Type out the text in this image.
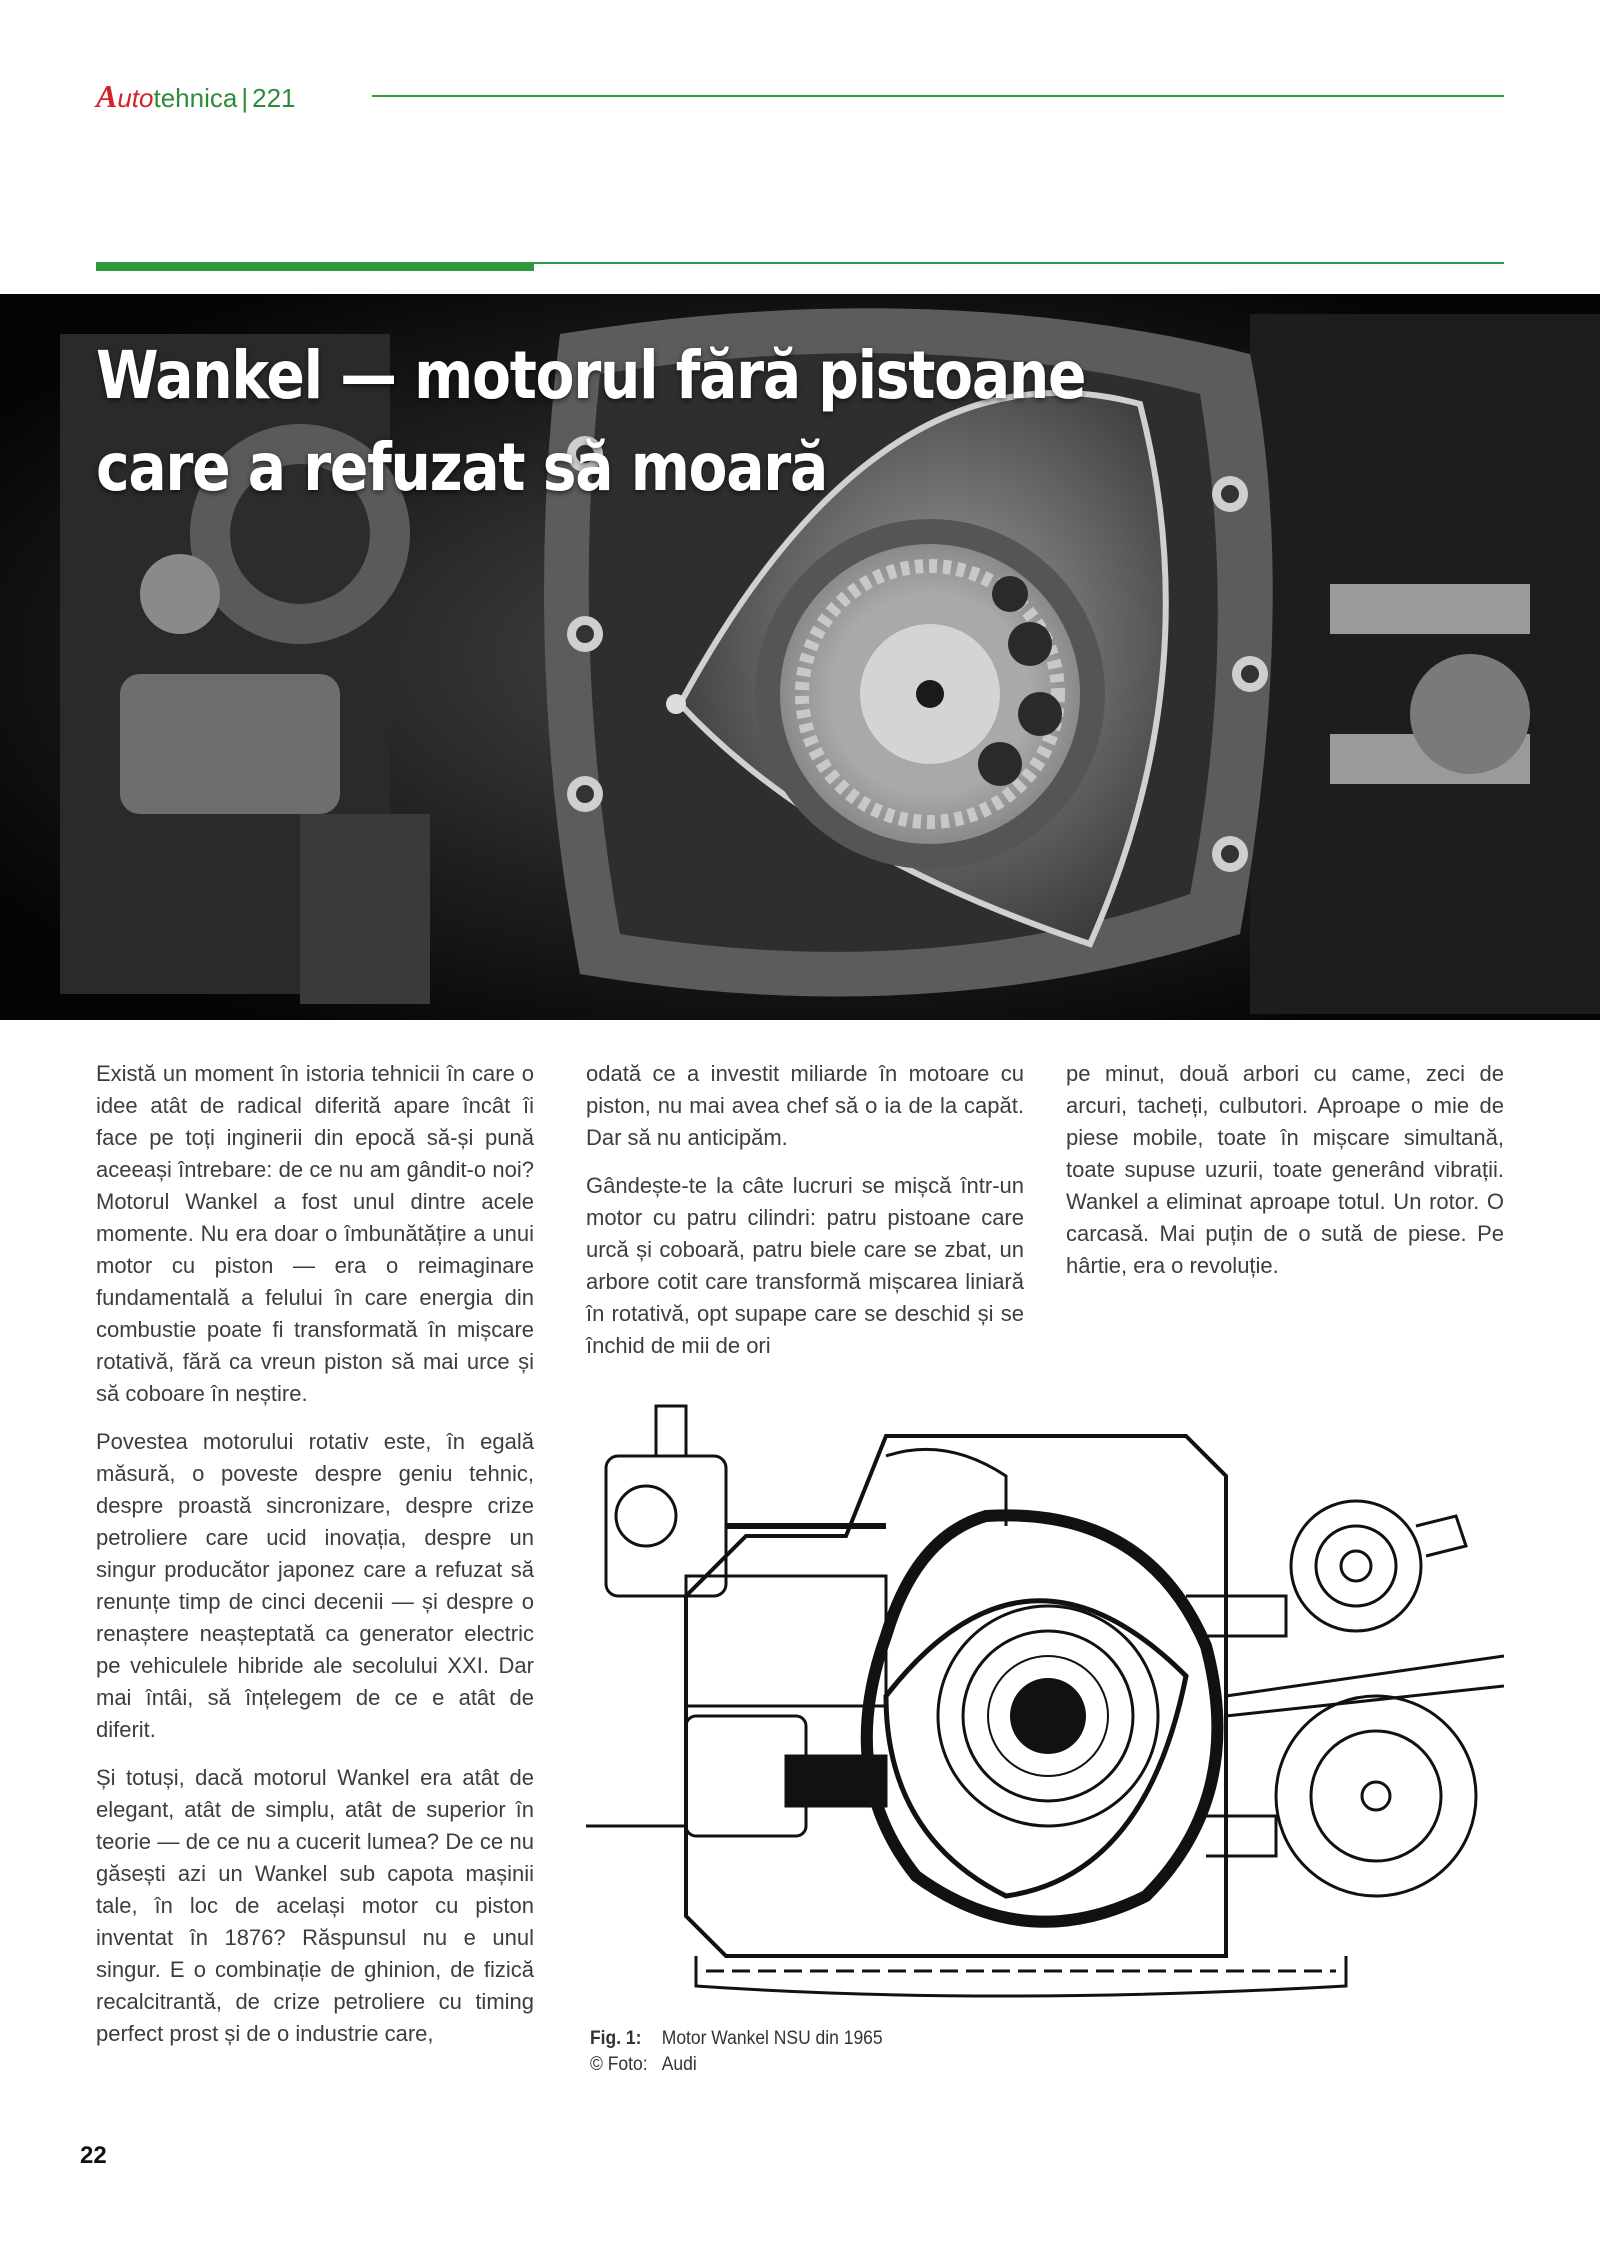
A uto tehnica | 221
Wankel — motorul fără pistoane care a refuzat să moară

Există un moment în istoria tehnicii în care o idee atât de radical diferită apare încât îi face pe toți inginerii din epocă să-și pună aceeași întrebare: de ce nu am gândit-o noi? Motorul Wankel a fost unul dintre acele momente. Nu era doar o îmbunătățire a unui motor cu piston — era o reimaginare fundamentală a felului în care energia din combustie poate fi transformată în mișcare rotativă, fără ca vreun piston să mai urce și să coboare în neștire.

Povestea motorului rotativ este, în egală măsură, o poveste despre geniu tehnic, despre proastă sincronizare, despre crize petroliere care ucid inovația, despre un singur producător japonez care a refuzat să renunțe timp de cinci decenii — și despre o renaștere neașteptată ca generator electric pe vehiculele hibride ale secolului XXI. Dar mai întâi, să înțelegem de ce e atât de diferit.

Și totuși, dacă motorul Wankel era atât de elegant, atât de simplu, atât de superior în teorie — de ce nu a cucerit lumea? De ce nu găsești azi un Wankel sub capota mașinii tale, în loc de același motor cu piston inventat în 1876? Răspunsul nu e unul singur. E o combinație de ghinion, de fizică recalcitrantă, de crize petroliere cu timing perfect prost și de o industrie care,

odată ce a investit miliarde în motoare cu piston, nu mai avea chef să o ia de la capăt. Dar să nu anticipăm.

Gândește-te la câte lucruri se mișcă într-un motor cu patru cilindri: patru pistoane care urcă și coboară, patru biele care se zbat, un arbore cotit care transformă mișcarea liniară în rotativă, opt supape care se deschid și se închid de mii de ori

pe minut, două arbori cu came, zeci de arcuri, tacheți, culbutori. Aproape o mie de piese mobile, toate în mișcare simultană, toate supuse uzurii, toate generând vibrații. Wankel a eliminat aproape totul. Un rotor. O carcasă. Mai puțin de o sută de piese. Pe hârtie, era o revoluție.

Fig. 1: Motor Wankel NSU din 1965
© Foto: Audi
22
